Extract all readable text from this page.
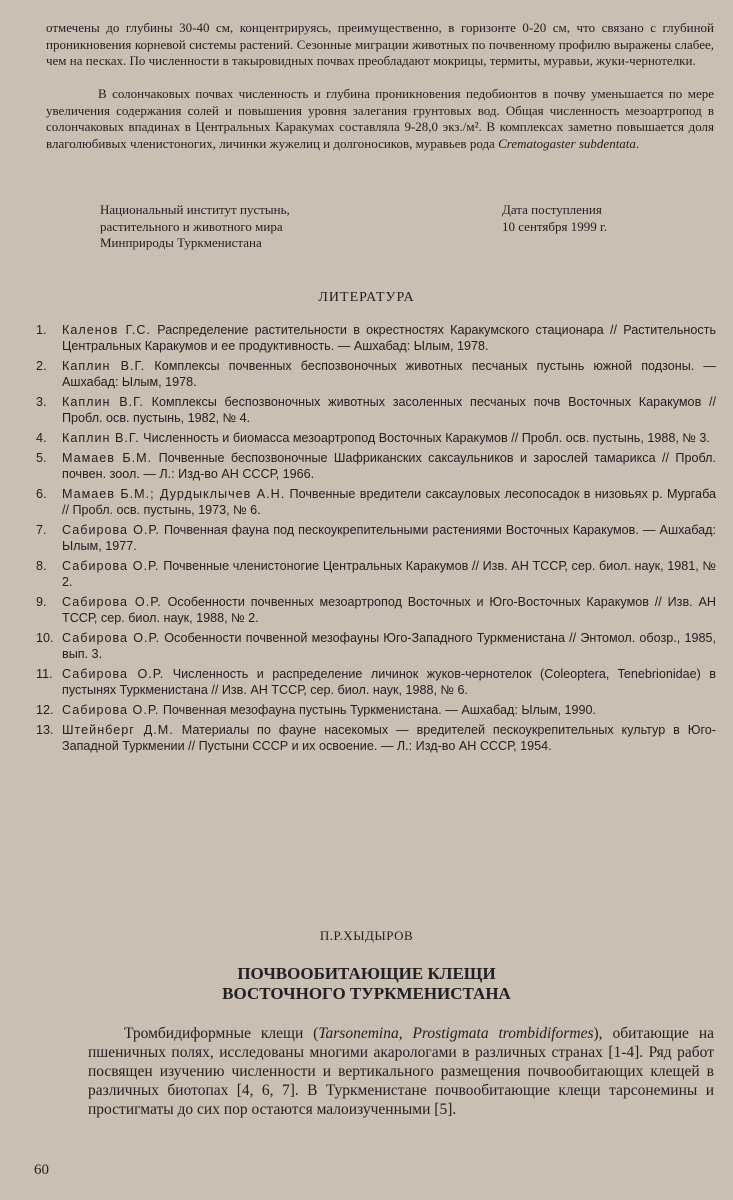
отмечены до глубины 30-40 см, концентрируясь, преимущественно, в горизонте 0-20 см, что связано с глубиной проникновения корневой системы растений. Сезонные миграции животных по почвенному профилю выражены слабее, чем на песках. По численности в такыровидных почвах преобладают мокрицы, термиты, муравьи, жуки-чернотелки.

В солончаковых почвах численность и глубина проникновения педобионтов в почву уменьшается по мере увеличения содержания солей и повышения уровня залегания грунтовых вод. Общая численность мезоартропод в солончаковых впадинах в Центральных Каракумах составляла 9-28,0 экз./м². В комплексах заметно повышается доля влаголюбивых членистоногих, личинки жужелиц и долгоносиков, муравьев рода Crematogaster subdentata.

Национальный институт пустынь,
растительного и животного мира
Минприроды Туркменистана
Дата поступления
10 сентября 1999 г.
ЛИТЕРАТУРА
1.	Каленов Г.С. Распределение растительности в окрестностях Каракумского стационара // Растительность Центральных Каракумов и ее продуктивность. — Ашхабад: Ылым, 1978.
2.	Каплин В.Г. Комплексы почвенных беспозвоночных животных песчаных пустынь южной подзоны. — Ашхабад: Ылым, 1978.
3.	Каплин В.Г. Комплексы беспозвоночных животных засоленных песчаных почв Восточных Каракумов // Пробл. осв. пустынь, 1982, № 4.
4.	Каплин В.Г. Численность и биомасса мезоартропод Восточных Каракумов // Пробл. осв. пустынь, 1988, № 3.
5.	Мамаев Б.М. Почвенные беспозвоночные Шафриканских саксаульников и зарослей тамарикса // Пробл. почвен. зоол. — Л.: Изд-во АН СССР, 1966.
6.	Мамаев Б.М.; Дурдыклычев А.Н. Почвенные вредители саксауловых лесопосадок в низовьях р. Мургаба // Пробл. осв. пустынь, 1973, № 6.
7.	Сабирова О.Р. Почвенная фауна под пескоукрепительными растениями Восточных Каракумов. — Ашхабад: Ылым, 1977.
8.	Сабирова О.Р. Почвенные членистоногие Центральных Каракумов // Изв. АН ТССР, сер. биол. наук, 1981, № 2.
9.	Сабирова О.Р. Особенности почвенных мезоартропод Восточных и Юго-Восточных Каракумов // Изв. АН ТССР, сер. биол. наук, 1988, № 2.
10. Сабирова О.Р. Особенности почвенной мезофауны Юго-Западного Туркменистана // Энтомол. обозр., 1985, вып. 3.
11. Сабирова О.Р. Численность и распределение личинок жуков-чернотелок (Coleoptera, Tenebrionidae) в пустынях Туркменистана // Изв. АН ТССР, сер. биол. наук, 1988, № 6.
12. Сабирова О.Р. Почвенная мезофауна пустынь Туркменистана. — Ашхабад: Ылым, 1990.
13. Штейнберг Д.М. Материалы по фауне насекомых — вредителей пескоукрепительных культур в Юго-Западной Туркмении // Пустыни СССР и их освоение. — Л.: Изд-во АН СССР, 1954.
П.Р.ХЫДЫРОВ
ПОЧВООБИТАЮЩИЕ КЛЕЩИ
ВОСТОЧНОГО ТУРКМЕНИСТАНА

Тромбидиформные клещи (Tarsonemina, Prostigmata trombidiformes), обитающие на пшеничных полях, исследованы многими акарологами в различных странах [1-4]. Ряд работ посвящен изучению численности и вертикального размещения почвообитающих клещей в различных биотопах [4, 6, 7]. В Туркменистане почвообитающие клещи тарсонемины и простигматы до сих пор остаются малоизученными [5].

60
